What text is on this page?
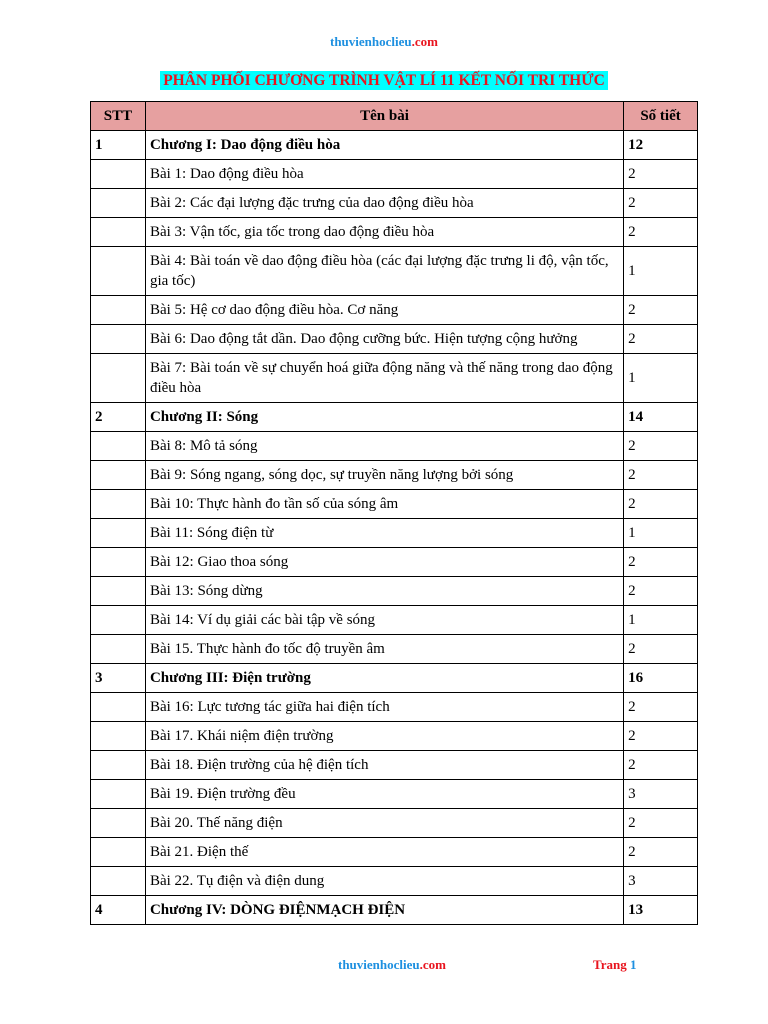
thuvienhoclieu.com
PHÂN PHỐI CHƯƠNG TRÌNH VẬT LÍ 11 KẾT NỐI TRI THỨC
STT	Tên bài	Số tiết
1	Chương I: Dao động điều hòa	12
	Bài 1: Dao động điều hòa	2
	Bài 2: Các đại lượng đặc trưng của dao động điều hòa	2
	Bài 3: Vận tốc, gia tốc trong dao động điều hòa	2
	Bài 4: Bài toán về dao động điều hòa (các đại lượng đặc trưng li độ, vận tốc, gia tốc)	1
	Bài 5: Hệ cơ dao động điều hòa. Cơ năng	2
	Bài 6: Dao động tắt dần. Dao động cưỡng bức. Hiện tượng cộng hưởng	2
	Bài 7: Bài toán về sự chuyển hoá giữa động năng và thế năng trong dao động điều hòa	1
2	Chương II: Sóng	14
	Bài 8: Mô tả sóng	2
	Bài 9: Sóng ngang, sóng dọc, sự truyền năng lượng bởi sóng	2
	Bài 10: Thực hành đo tần số của sóng âm	2
	Bài 11: Sóng điện từ	1
	Bài 12: Giao thoa sóng	2
	Bài 13: Sóng dừng	2
	Bài 14: Ví dụ giải các bài tập về sóng	1
	Bài 15. Thực hành đo tốc độ truyền âm	2
3	Chương III: Điện trường	16
	Bài 16: Lực tương tác giữa hai điện tích	2
	Bài 17. Khái niệm điện trường	2
	Bài 18. Điện trường của hệ điện tích	2
	Bài 19. Điện trường đều	3
	Bài 20. Thế năng điện	2
	Bài 21. Điện thế	2
	Bài 22. Tụ điện và điện dung	3
4	Chương IV: DÒNG ĐIỆNMẠCH ĐIỆN	13
thuvienhoclieu.com	Trang 1
